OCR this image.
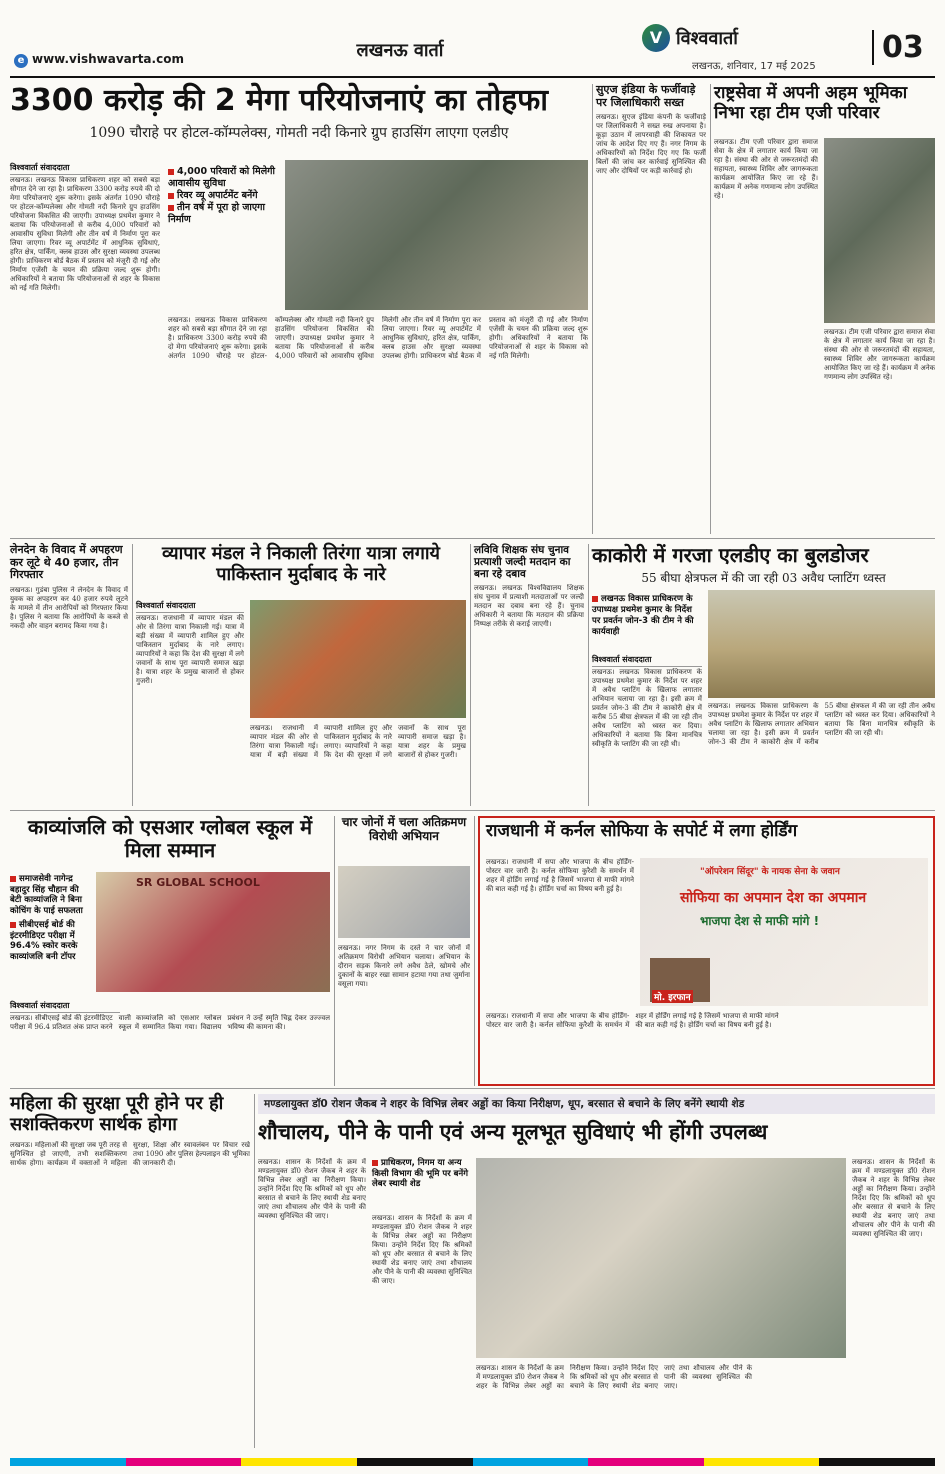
e www.vishwavarta.com	लखनऊ वार्ता
V विश्ववार्ता
लखनऊ, शनिवार, 17 मई 2025
03
3300 करोड़ की 2 मेगा परियोजनाएं का तोहफा
1090 चौराहे पर होटल-कॉम्पलेक्स, गोमती नदी किनारे ग्रुप हाउसिंग लाएगा एलडीए
विश्ववार्ता संवाददाता
लखनऊ। लखनऊ विकास प्राधिकरण शहर को सबसे बड़ा सौगात देने जा रहा है। प्राधिकरण 3300 करोड़ रुपये की दो मेगा परियोजनाएं शुरू करेगा। इसके अंतर्गत 1090 चौराहे पर होटल-कॉम्पलेक्स और गोमती नदी किनारे ग्रुप हाउसिंग परियोजना विकसित की जाएगी। उपाध्यक्ष प्रथमेश कुमार ने बताया कि परियोजनाओं से करीब 4,000 परिवारों को आवासीय सुविधा मिलेगी और तीन वर्ष में निर्माण पूरा कर लिया जाएगा। रिवर व्यू अपार्टमेंट में आधुनिक सुविधाएं, हरित क्षेत्र, पार्किंग, क्लब हाउस और सुरक्षा व्यवस्था उपलब्ध होगी। प्राधिकरण बोर्ड बैठक में प्रस्ताव को मंजूरी दी गई और निर्माण एजेंसी के चयन की प्रक्रिया जल्द शुरू होगी। अधिकारियों ने बताया कि परियोजनाओं से शहर के विकास को नई गति मिलेगी।
4,000 परिवारों को मिलेगी आवासीय सुविधा
रिवर व्यू अपार्टमेंट बनेंगे
तीन वर्ष में पूरा हो जाएगा निर्माण
लखनऊ। लखनऊ विकास प्राधिकरण शहर को सबसे बड़ा सौगात देने जा रहा है। प्राधिकरण 3300 करोड़ रुपये की दो मेगा परियोजनाएं शुरू करेगा। इसके अंतर्गत 1090 चौराहे पर होटल-कॉम्पलेक्स और गोमती नदी किनारे ग्रुप हाउसिंग परियोजना विकसित की जाएगी। उपाध्यक्ष प्रथमेश कुमार ने बताया कि परियोजनाओं से करीब 4,000 परिवारों को आवासीय सुविधा मिलेगी और तीन वर्ष में निर्माण पूरा कर लिया जाएगा। रिवर व्यू अपार्टमेंट में आधुनिक सुविधाएं, हरित क्षेत्र, पार्किंग, क्लब हाउस और सुरक्षा व्यवस्था उपलब्ध होगी। प्राधिकरण बोर्ड बैठक में प्रस्ताव को मंजूरी दी गई और निर्माण एजेंसी के चयन की प्रक्रिया जल्द शुरू होगी। अधिकारियों ने बताया कि परियोजनाओं से शहर के विकास को नई गति मिलेगी।
सुएज इंडिया के फर्जीवाड़े पर जिलाधिकारी सख्त
लखनऊ। सुएज इंडिया कंपनी के फर्जीवाड़े पर जिलाधिकारी ने सख्त रुख अपनाया है। कूड़ा उठान में लापरवाही की शिकायत पर जांच के आदेश दिए गए हैं। नगर निगम के अधिकारियों को निर्देश दिए गए कि फर्जी बिलों की जांच कर कार्रवाई सुनिश्चित की जाए और दोषियों पर कड़ी कार्रवाई हो।
राष्ट्रसेवा में अपनी अहम भूमिका निभा रहा टीम एजी परिवार
लखनऊ। टीम एजी परिवार द्वारा समाज सेवा के क्षेत्र में लगातार कार्य किया जा रहा है। संस्था की ओर से जरूरतमंदों की सहायता, स्वास्थ्य शिविर और जागरूकता कार्यक्रम आयोजित किए जा रहे हैं। कार्यक्रम में अनेक गणमान्य लोग उपस्थित रहे।
लखनऊ। टीम एजी परिवार द्वारा समाज सेवा के क्षेत्र में लगातार कार्य किया जा रहा है। संस्था की ओर से जरूरतमंदों की सहायता, स्वास्थ्य शिविर और जागरूकता कार्यक्रम आयोजित किए जा रहे हैं। कार्यक्रम में अनेक गणमान्य लोग उपस्थित रहे।
लेनदेन के विवाद में अपहरण कर लूटे थे 40 हजार, तीन गिरफ्तार
लखनऊ। गुडंबा पुलिस ने लेनदेन के विवाद में युवक का अपहरण कर 40 हजार रुपये लूटने के मामले में तीन आरोपियों को गिरफ्तार किया है। पुलिस ने बताया कि आरोपियों के कब्जे से नकदी और वाहन बरामद किया गया है।
व्यापार मंडल ने निकाली तिरंगा यात्रा लगाये पाकिस्तान मुर्दाबाद के नारे
विश्ववार्ता संवाददाता
लखनऊ। राजधानी में व्यापार मंडल की ओर से तिरंगा यात्रा निकाली गई। यात्रा में बड़ी संख्या में व्यापारी शामिल हुए और पाकिस्तान मुर्दाबाद के नारे लगाए। व्यापारियों ने कहा कि देश की सुरक्षा में लगे जवानों के साथ पूरा व्यापारी समाज खड़ा है। यात्रा शहर के प्रमुख बाजारों से होकर गुजरी।
लखनऊ। राजधानी में व्यापार मंडल की ओर से तिरंगा यात्रा निकाली गई। यात्रा में बड़ी संख्या में व्यापारी शामिल हुए और पाकिस्तान मुर्दाबाद के नारे लगाए। व्यापारियों ने कहा कि देश की सुरक्षा में लगे जवानों के साथ पूरा व्यापारी समाज खड़ा है। यात्रा शहर के प्रमुख बाजारों से होकर गुजरी।
लविवि शिक्षक संघ चुनाव प्रत्याशी जल्दी मतदान का बना रहे दबाव
लखनऊ। लखनऊ विश्वविद्यालय शिक्षक संघ चुनाव में प्रत्याशी मतदाताओं पर जल्दी मतदान का दबाव बना रहे हैं। चुनाव अधिकारी ने बताया कि मतदान की प्रक्रिया निष्पक्ष तरीके से कराई जाएगी।
काकोरी में गरजा एलडीए का बुलडोजर
55 बीघा क्षेत्रफल में की जा रही 03 अवैध प्लाटिंग ध्वस्त
लखनऊ विकास प्राधिकरण के उपाध्यक्ष प्रथमेश कुमार के निर्देश पर प्रवर्तन जोन-3 की टीम ने की कार्यवाही
विश्ववार्ता संवाददाता
लखनऊ। लखनऊ विकास प्राधिकरण के उपाध्यक्ष प्रथमेश कुमार के निर्देश पर शहर में अवैध प्लाटिंग के खिलाफ लगातार अभियान चलाया जा रहा है। इसी क्रम में प्रवर्तन जोन-3 की टीम ने काकोरी क्षेत्र में करीब 55 बीघा क्षेत्रफल में की जा रही तीन अवैध प्लाटिंग को ध्वस्त कर दिया। अधिकारियों ने बताया कि बिना मानचित्र स्वीकृति के प्लाटिंग की जा रही थी।
लखनऊ। लखनऊ विकास प्राधिकरण के उपाध्यक्ष प्रथमेश कुमार के निर्देश पर शहर में अवैध प्लाटिंग के खिलाफ लगातार अभियान चलाया जा रहा है। इसी क्रम में प्रवर्तन जोन-3 की टीम ने काकोरी क्षेत्र में करीब 55 बीघा क्षेत्रफल में की जा रही तीन अवैध प्लाटिंग को ध्वस्त कर दिया। अधिकारियों ने बताया कि बिना मानचित्र स्वीकृति के प्लाटिंग की जा रही थी।
काव्यांजलि को एसआर ग्लोबल स्कूल में मिला सम्मान
समाजसेवी नागेन्द्र बहादुर सिंह चौहान की बेटी काव्यांजलि ने बिना कोचिंग के पाई सफलता
सीबीएसई बोर्ड की इंटरमीडिएट परीक्षा में 96.4% स्कोर करके काव्यांजलि बनी टॉपर
SR GLOBAL SCHOOL
विश्ववार्ता संवाददाता
लखनऊ। सीबीएसई बोर्ड की इंटरमीडिएट परीक्षा में 96.4 प्रतिशत अंक प्राप्त करने वाली काव्यांजलि को एसआर ग्लोबल स्कूल में सम्मानित किया गया। विद्यालय प्रबंधन ने उन्हें स्मृति चिह्न देकर उज्ज्वल भविष्य की कामना की।
चार जोनों में चला अतिक्रमण विरोधी अभियान
लखनऊ। नगर निगम के दस्ते ने चार जोनों में अतिक्रमण विरोधी अभियान चलाया। अभियान के दौरान सड़क किनारे लगे अवैध ठेले, खोमचे और दुकानों के बाहर रखा सामान हटाया गया तथा जुर्माना वसूला गया।
राजधानी में कर्नल सोफिया के सपोर्ट में लगा होर्डिंग
लखनऊ। राजधानी में सपा और भाजपा के बीच होर्डिंग-पोस्टर वार जारी है। कर्नल सोफिया कुरैशी के समर्थन में शहर में होर्डिंग लगाई गई है जिसमें भाजपा से माफी मांगने की बात कही गई है। होर्डिंग चर्चा का विषय बनी हुई है।
"ऑपरेशन सिंदूर" के नायक सेना के जवान
सोफिया का अपमान देश का अपमान
भाजपा देश से माफी मांगे !
मो. इरफान
लखनऊ। राजधानी में सपा और भाजपा के बीच होर्डिंग-पोस्टर वार जारी है। कर्नल सोफिया कुरैशी के समर्थन में शहर में होर्डिंग लगाई गई है जिसमें भाजपा से माफी मांगने की बात कही गई है। होर्डिंग चर्चा का विषय बनी हुई है।
महिला की सुरक्षा पूरी होने पर ही सशक्तिकरण सार्थक होगा
लखनऊ। महिलाओं की सुरक्षा जब पूरी तरह से सुनिश्चित हो जाएगी, तभी सशक्तिकरण सार्थक होगा। कार्यक्रम में वक्ताओं ने महिला सुरक्षा, शिक्षा और स्वावलंबन पर विचार रखे तथा 1090 और पुलिस हेल्पलाइन की भूमिका की जानकारी दी।
मण्डलायुक्त डॉ0 रोशन जैकब ने शहर के विभिन्न लेबर अड्डों का किया निरीक्षण, धूप, बरसात से बचाने के लिए बनेंगे स्थायी शेड
शौचालय, पीने के पानी एवं अन्य मूलभूत सुविधाएं भी होंगी उपलब्ध
लखनऊ। शासन के निर्देशों के क्रम में मण्डलायुक्त डॉ0 रोशन जैकब ने शहर के विभिन्न लेबर अड्डों का निरीक्षण किया। उन्होंने निर्देश दिए कि श्रमिकों को धूप और बरसात से बचाने के लिए स्थायी शेड बनाए जाएं तथा शौचालय और पीने के पानी की व्यवस्था सुनिश्चित की जाए।
प्राधिकरण, निगम या अन्य किसी विभाग की भूमि पर बनेंगे लेबर स्थायी शेड
लखनऊ। शासन के निर्देशों के क्रम में मण्डलायुक्त डॉ0 रोशन जैकब ने शहर के विभिन्न लेबर अड्डों का निरीक्षण किया। उन्होंने निर्देश दिए कि श्रमिकों को धूप और बरसात से बचाने के लिए स्थायी शेड बनाए जाएं तथा शौचालय और पीने के पानी की व्यवस्था सुनिश्चित की जाए।
लखनऊ। शासन के निर्देशों के क्रम में मण्डलायुक्त डॉ0 रोशन जैकब ने शहर के विभिन्न लेबर अड्डों का निरीक्षण किया। उन्होंने निर्देश दिए कि श्रमिकों को धूप और बरसात से बचाने के लिए स्थायी शेड बनाए जाएं तथा शौचालय और पीने के पानी की व्यवस्था सुनिश्चित की जाए।
लखनऊ। शासन के निर्देशों के क्रम में मण्डलायुक्त डॉ0 रोशन जैकब ने शहर के विभिन्न लेबर अड्डों का निरीक्षण किया। उन्होंने निर्देश दिए कि श्रमिकों को धूप और बरसात से बचाने के लिए स्थायी शेड बनाए जाएं तथा शौचालय और पीने के पानी की व्यवस्था सुनिश्चित की जाए।
